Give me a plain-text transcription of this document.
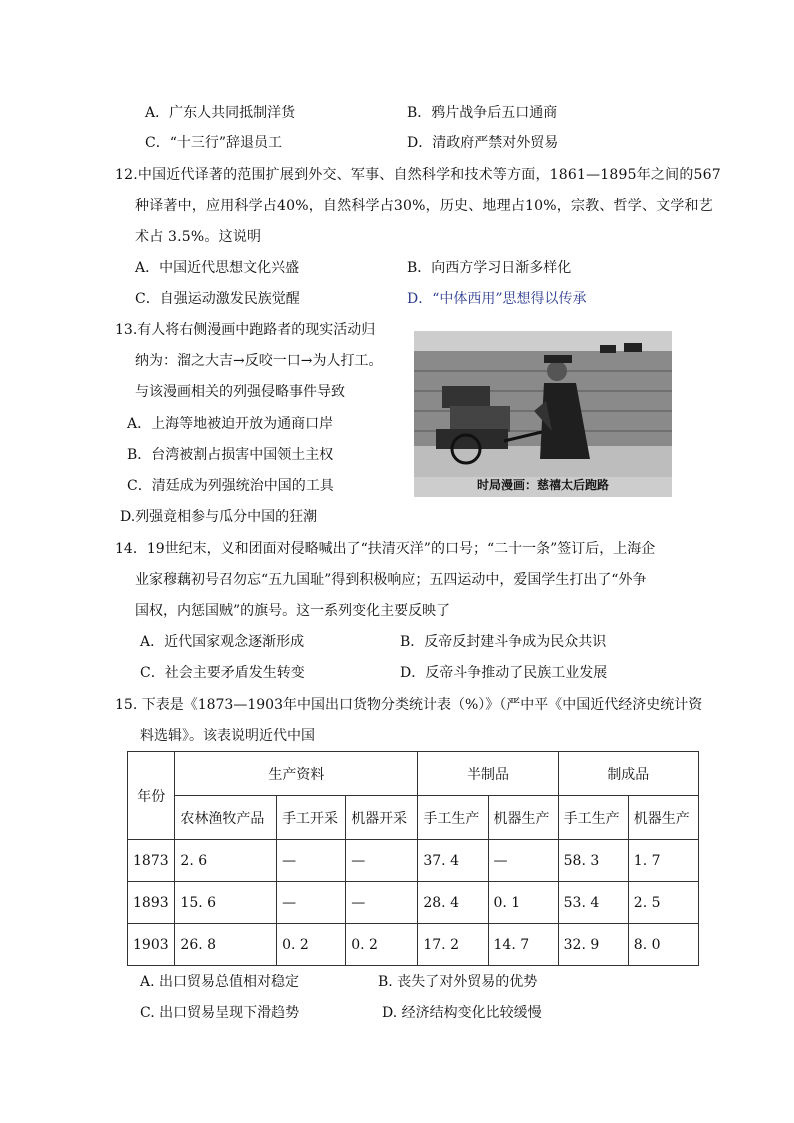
A．广东人共同抵制洋货	B．鸦片战争后五口通商
C．“十三行”辞退员工	D．清政府严禁对外贸易
12.中国近代译著的范围扩展到外交、军事、自然科学和技术等方面，1861—1895年之间的567
种译著中，应用科学占40%，自然科学占30%，历史、地理占10%，宗教、哲学、文学和艺
术占 3.5%。这说明
A．中国近代思想文化兴盛	B．向西方学习日渐多样化
C．自强运动激发民族觉醒	D．“中体西用”思想得以传承
13.有人将右侧漫画中跑路者的现实活动归
纳为：溜之大吉→反咬一口→为人打工。
与该漫画相关的列强侵略事件导致
A．上海等地被迫开放为通商口岸
B．台湾被割占损害中国领土主权
C．清廷成为列强统治中国的工具
D.列强竟相参与瓜分中国的狂潮
时局漫画：慈禧太后跑路
14．19世纪末，义和团面对侵略喊出了“扶清灭洋”的口号；“二十一条”签订后，上海企
业家穆藕初号召勿忘“五九国耻”得到积极响应；五四运动中，爱国学生打出了“外争
国权，内惩国贼”的旗号。这一系列变化主要反映了
A．近代国家观念逐渐形成	B．反帝反封建斗争成为民众共识
C．社会主要矛盾发生转变	D．反帝斗争推动了民族工业发展
15. 下表是《1873—1903年中国出口货物分类统计表（%）》（严中平《中国近代经济史统计资
料选辑》。该表说明近代中国
年份	生产资料			半制品		制成品	
	农林渔牧产品	手工开采	机器开采	手工生产	机器生产	手工生产	机器生产
1873	2. 6	—	—	37. 4	—	58. 3	1. 7
1893	15. 6	—	—	28. 4	0. 1	53. 4	2. 5
1903	26. 8	0. 2	0. 2	17. 2	14. 7	32. 9	8. 0
A. 出口贸易总值相对稳定	B. 丧失了对外贸易的优势
C. 出口贸易呈现下滑趋势	D. 经济结构变化比较缓慢
